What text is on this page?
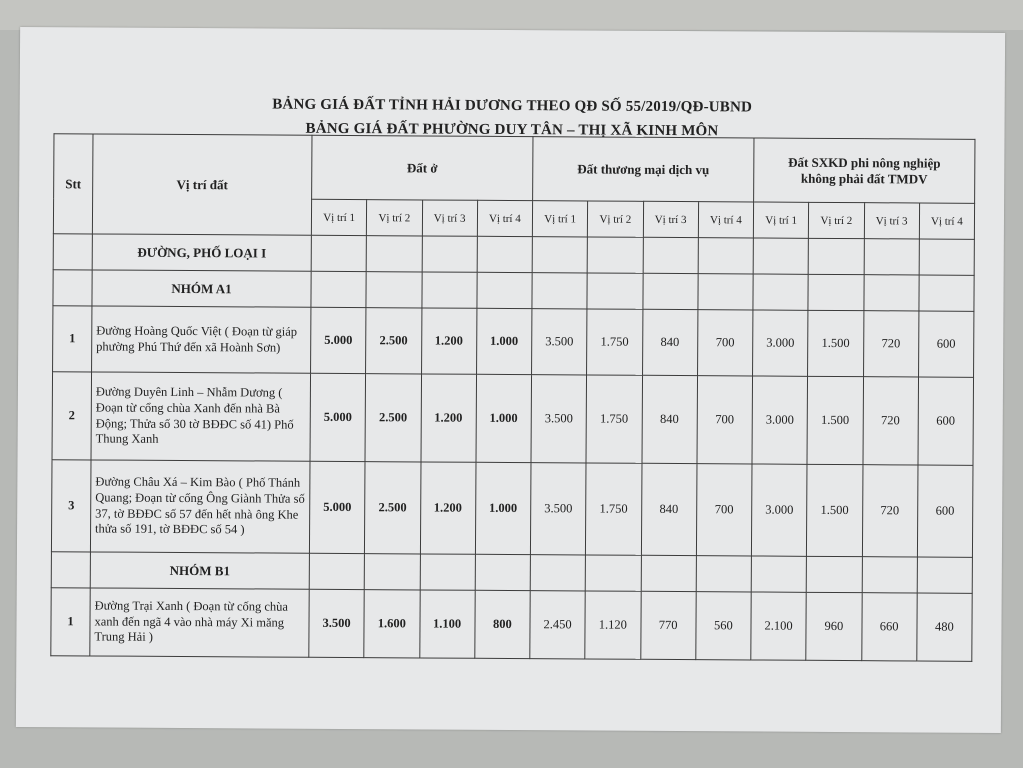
BẢNG GIÁ ĐẤT TỈNH HẢI DƯƠNG THEO QĐ SỐ 55/2019/QĐ-UBND
BẢNG GIÁ ĐẤT PHƯỜNG DUY TÂN – THỊ XÃ KINH MÔN
Stt	Vị trí đất	Đất ở				Đất thương mại dịch vụ				Đất SXKD phi nông nghiệp
không phải đất TMDV			
		Vị trí 1	Vị trí 2	Vị trí 3	Vị trí 4	Vị trí 1	Vị trí 2	Vị trí 3	Vị trí 4	Vị trí 1	Vị trí 2	Vị trí 3	Vị trí 4
	ĐƯỜNG, PHỐ LOẠI I												
	NHÓM A1												
1	Đường Hoàng Quốc Việt ( Đoạn từ giáp phường Phú Thứ đến xã Hoành Sơn)	5.000	2.500	1.200	1.000	3.500	1.750	840	700	3.000	1.500	720	600
2	Đường Duyên Linh – Nhẫm Dương ( Đoạn từ cổng chùa Xanh đến nhà Bà Động; Thửa số 30 tờ BĐĐC số 41) Phố Thung Xanh	5.000	2.500	1.200	1.000	3.500	1.750	840	700	3.000	1.500	720	600
3	Đường Châu Xá – Kim Bào ( Phố Thánh Quang; Đoạn từ cống Ông Giành Thửa số 37, tờ BĐĐC số 57 đến hết nhà ông Khe thửa số 191, tờ BĐĐC số 54 )	5.000	2.500	1.200	1.000	3.500	1.750	840	700	3.000	1.500	720	600
	NHÓM B1												
1	Đường Trại Xanh ( Đoạn từ cống chùa xanh đến ngã 4 vào nhà máy Xi măng Trung Hải )	3.500	1.600	1.100	800	2.450	1.120	770	560	2.100	960	660	480
